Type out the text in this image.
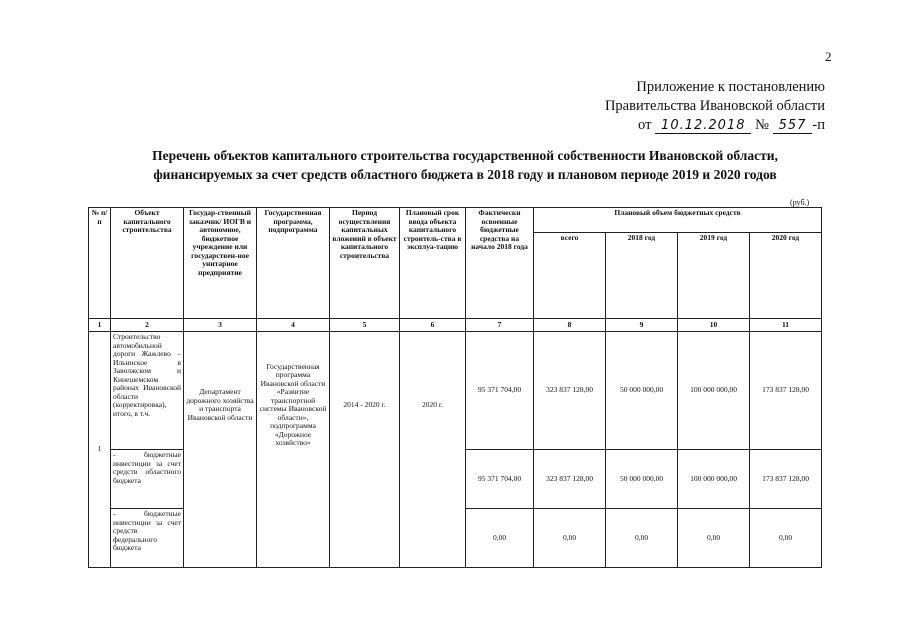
2
Приложение к постановлению
Правительства Ивановской области
от 10.12.2018 № 557 -п
Перечень объектов капитального строительства государственной собственности Ивановской области,
финансируемых за счет средств областного бюджета в 2018 году и плановом периоде 2019 и 2020 годов
(руб.)
№ п/п	Объект капитального строительства	Государ-ственный заказчик/ ИОГВ и автономное, бюджетное учреждение или государствен-ное унитарное предприятие	Государственная программа, подпрограмма	Период осуществления капитальных вложений в объект капитального строительства	Плановый срок ввода объекта капитального строитель-ства в эксплуа-тацию	Фактически освоенные бюджетные средства на начало 2018 года	Плановый объем бюджетных средств			
							всего	2018 год	2019 год	2020 год
1	2	3	4	5	6	7	8	9	10	11
1	Строительство автомобильной дороги Жажлево – Ильинское в Заволжском и Кинешемском районах Ивановской области (корректировка), итого, в т.ч.	Департамент дорожного хозяйства и транспорта Ивановской области	Государственная программа Ивановской области «Развитие транспортной системы Ивановской области», подпрограмма «Дорожное хозяйство»	2014 - 2020 г.	2020 г.	95 371 704,00	323 837 128,00	50 000 000,00	100 000 000,00	173 837 128,00
	- бюджетные инвестиции за счет средств областного бюджета					95 371 704,00	323 837 128,00	50 000 000,00	100 000 000,00	173 837 128,00
	- бюджетные инвестиции за счет средств федерального бюджета					0,00	0,00	0,00	0,00	0,00
